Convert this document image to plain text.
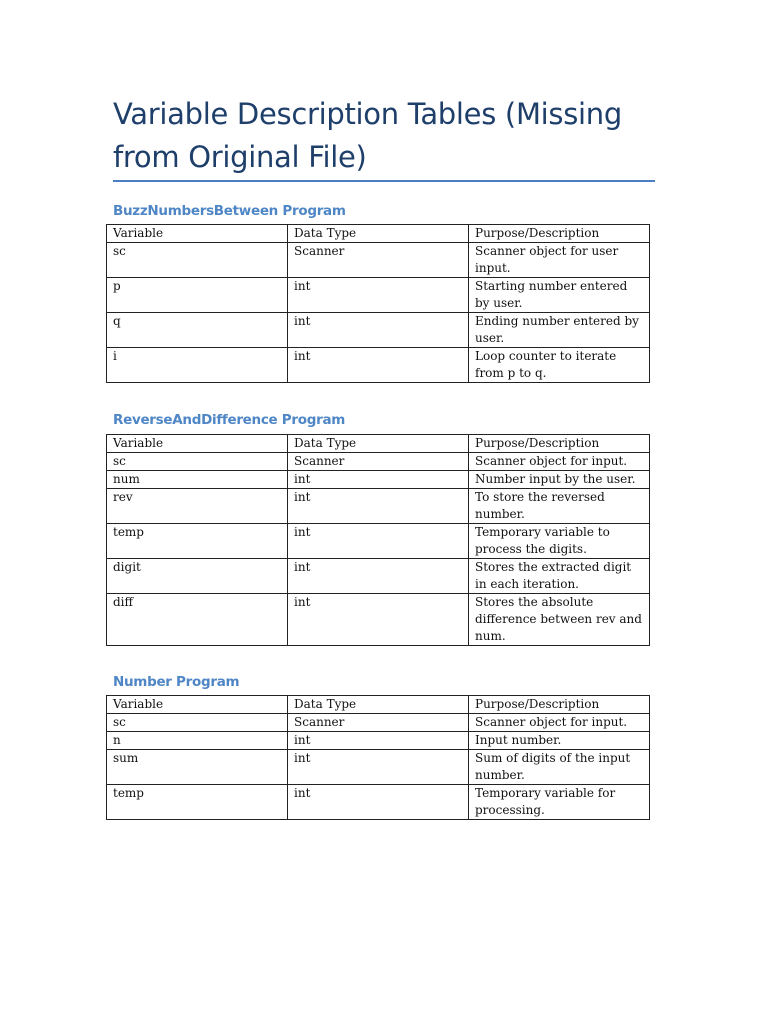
Variable Description Tables (Missing from Original File)
BuzzNumbersBetween Program
Variable	Data Type	Purpose/Description
sc	Scanner	Scanner object for user input.
p	int	Starting number entered by user.
q	int	Ending number entered by user.
i	int	Loop counter to iterate from p to q.
ReverseAndDifference Program
Variable	Data Type	Purpose/Description
sc	Scanner	Scanner object for input.
num	int	Number input by the user.
rev	int	To store the reversed number.
temp	int	Temporary variable to process the digits.
digit	int	Stores the extracted digit in each iteration.
diff	int	Stores the absolute difference between rev and num.
Number Program
Variable	Data Type	Purpose/Description
sc	Scanner	Scanner object for input.
n	int	Input number.
sum	int	Sum of digits of the input number.
temp	int	Temporary variable for processing.
